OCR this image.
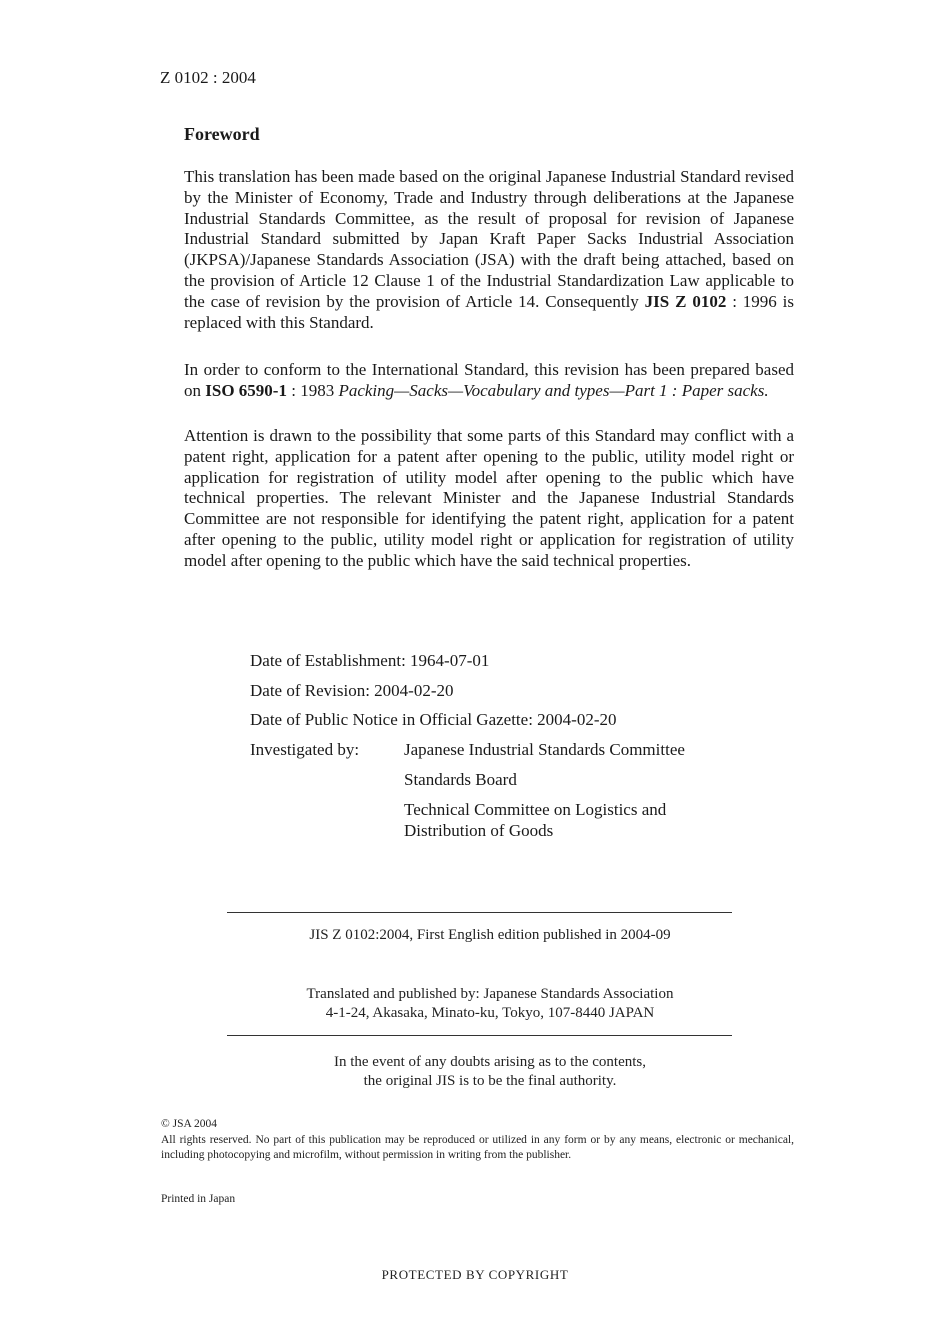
Z 0102 : 2004
Foreword

This translation has been made based on the original Japanese Industrial Standard revised by the Minister of Economy, Trade and Industry through deliberations at the Japanese Industrial Standards Committee, as the result of proposal for revision of Japanese Industrial Standard submitted by Japan Kraft Paper Sacks Industrial Association (JKPSA)/Japanese Standards Association (JSA) with the draft being attached, based on the provision of Article 12 Clause 1 of the Industrial Standardization Law applicable to the case of revision by the provision of Article 14. Consequently JIS Z 0102 : 1996 is replaced with this Standard.

In order to conform to the International Standard, this revision has been prepared based on ISO 6590-1 : 1983 Packing—Sacks—Vocabulary and types—Part 1 : Paper sacks.

Attention is drawn to the possibility that some parts of this Standard may conflict with a patent right, application for a patent after opening to the public, utility model right or application for registration of utility model after opening to the public which have technical properties. The relevant Minister and the Japanese Industrial Standards Committee are not responsible for identifying the patent right, application for a patent after opening to the public, utility model right or application for registration of utility model after opening to the public which have the said technical properties.

Date of Establishment: 1964-07-01
Date of Revision: 2004-02-20
Date of Public Notice in Official Gazette: 2004-02-20
Investigated by:	Japanese Industrial Standards Committee
Standards Board
Technical Committee on Logistics and
Distribution of Goods
JIS Z 0102:2004, First English edition published in 2004-09
Translated and published by: Japanese Standards Association
4-1-24, Akasaka, Minato-ku, Tokyo, 107-8440 JAPAN
In the event of any doubts arising as to the contents,
the original JIS is to be the final authority.
© JSA 2004
All rights reserved. No part of this publication may be reproduced or utilized in any form or by any means, electronic or mechanical, including photocopying and microfilm, without permission in writing from the publisher.
Printed in Japan
PROTECTED BY COPYRIGHT
